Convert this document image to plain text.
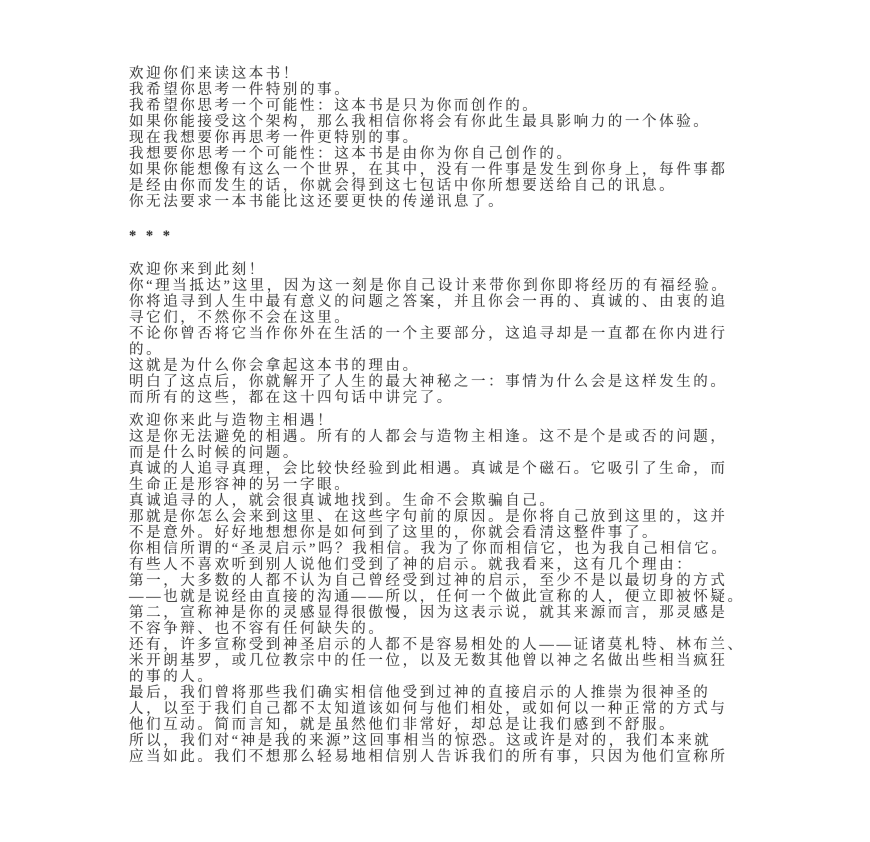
欢迎你们来读这本书！
我希望你思考一件特别的事。
我希望你思考一个可能性：这本书是只为你而创作的。
如果你能接受这个架构，那么我相信你将会有你此生最具影响力的一个体验。
现在我想要你再思考一件更特别的事。
我想要你思考一个可能性：这本书是由你为你自己创作的。
如果你能想像有这么一个世界，在其中，没有一件事是发生到你身上，每件事都
是经由你而发生的话，你就会得到这七包话中你所想要送给自己的讯息。
你无法要求一本书能比这还要更快的传递讯息了。
* * *
欢迎你来到此刻！
你“理当抵达”这里，因为这一刻是你自己设计来带你到你即将经历的有福经验。
你将追寻到人生中最有意义的问题之答案，并且你会一再的、真诚的、由衷的追
寻它们，不然你不会在这里。
不论你曾否将它当作你外在生活的一个主要部分，这追寻却是一直都在你内进行
的。
这就是为什么你会拿起这本书的理由。
明白了这点后，你就解开了人生的最大神秘之一：事情为什么会是这样发生的。
而所有的这些，都在这十四句话中讲完了。
欢迎你来此与造物主相遇！
这是你无法避免的相遇。所有的人都会与造物主相逢。这不是个是或否的问题，
而是什么时候的问题。
真诚的人追寻真理，会比较快经验到此相遇。真诚是个磁石。它吸引了生命，而
生命正是形容神的另一字眼。
真诚追寻的人，就会很真诚地找到。生命不会欺骗自己。
那就是你怎么会来到这里、在这些字句前的原因。是你将自己放到这里的，这并
不是意外。好好地想想你是如何到了这里的，你就会看清这整件事了。
你相信所谓的“圣灵启示”吗？我相信。我为了你而相信它，也为我自己相信它。
有些人不喜欢听到别人说他们受到了神的启示。就我看来，这有几个理由：
第一，大多数的人都不认为自己曾经受到过神的启示，至少不是以最切身的方式
——也就是说经由直接的沟通——所以，任何一个做此宣称的人，便立即被怀疑。
第二，宣称神是你的灵感显得很傲慢，因为这表示说，就其来源而言，那灵感是
不容争辩、也不容有任何缺失的。
还有，许多宣称受到神圣启示的人都不是容易相处的人——证诸莫札特、林布兰、
米开朗基罗，或几位教宗中的任一位，以及无数其他曾以神之名做出些相当疯狂
的事的人。
最后，我们曾将那些我们确实相信他受到过神的直接启示的人推崇为很神圣的
人，以至于我们自己都不太知道该如何与他们相处，或如何以一种正常的方式与
他们互动。简而言知，就是虽然他们非常好，却总是让我们感到不舒服。
所以，我们对“神是我的来源”这回事相当的惊恐。这或许是对的，我们本来就
应当如此。我们不想那么轻易地相信别人告诉我们的所有事，只因为他们宣称所
